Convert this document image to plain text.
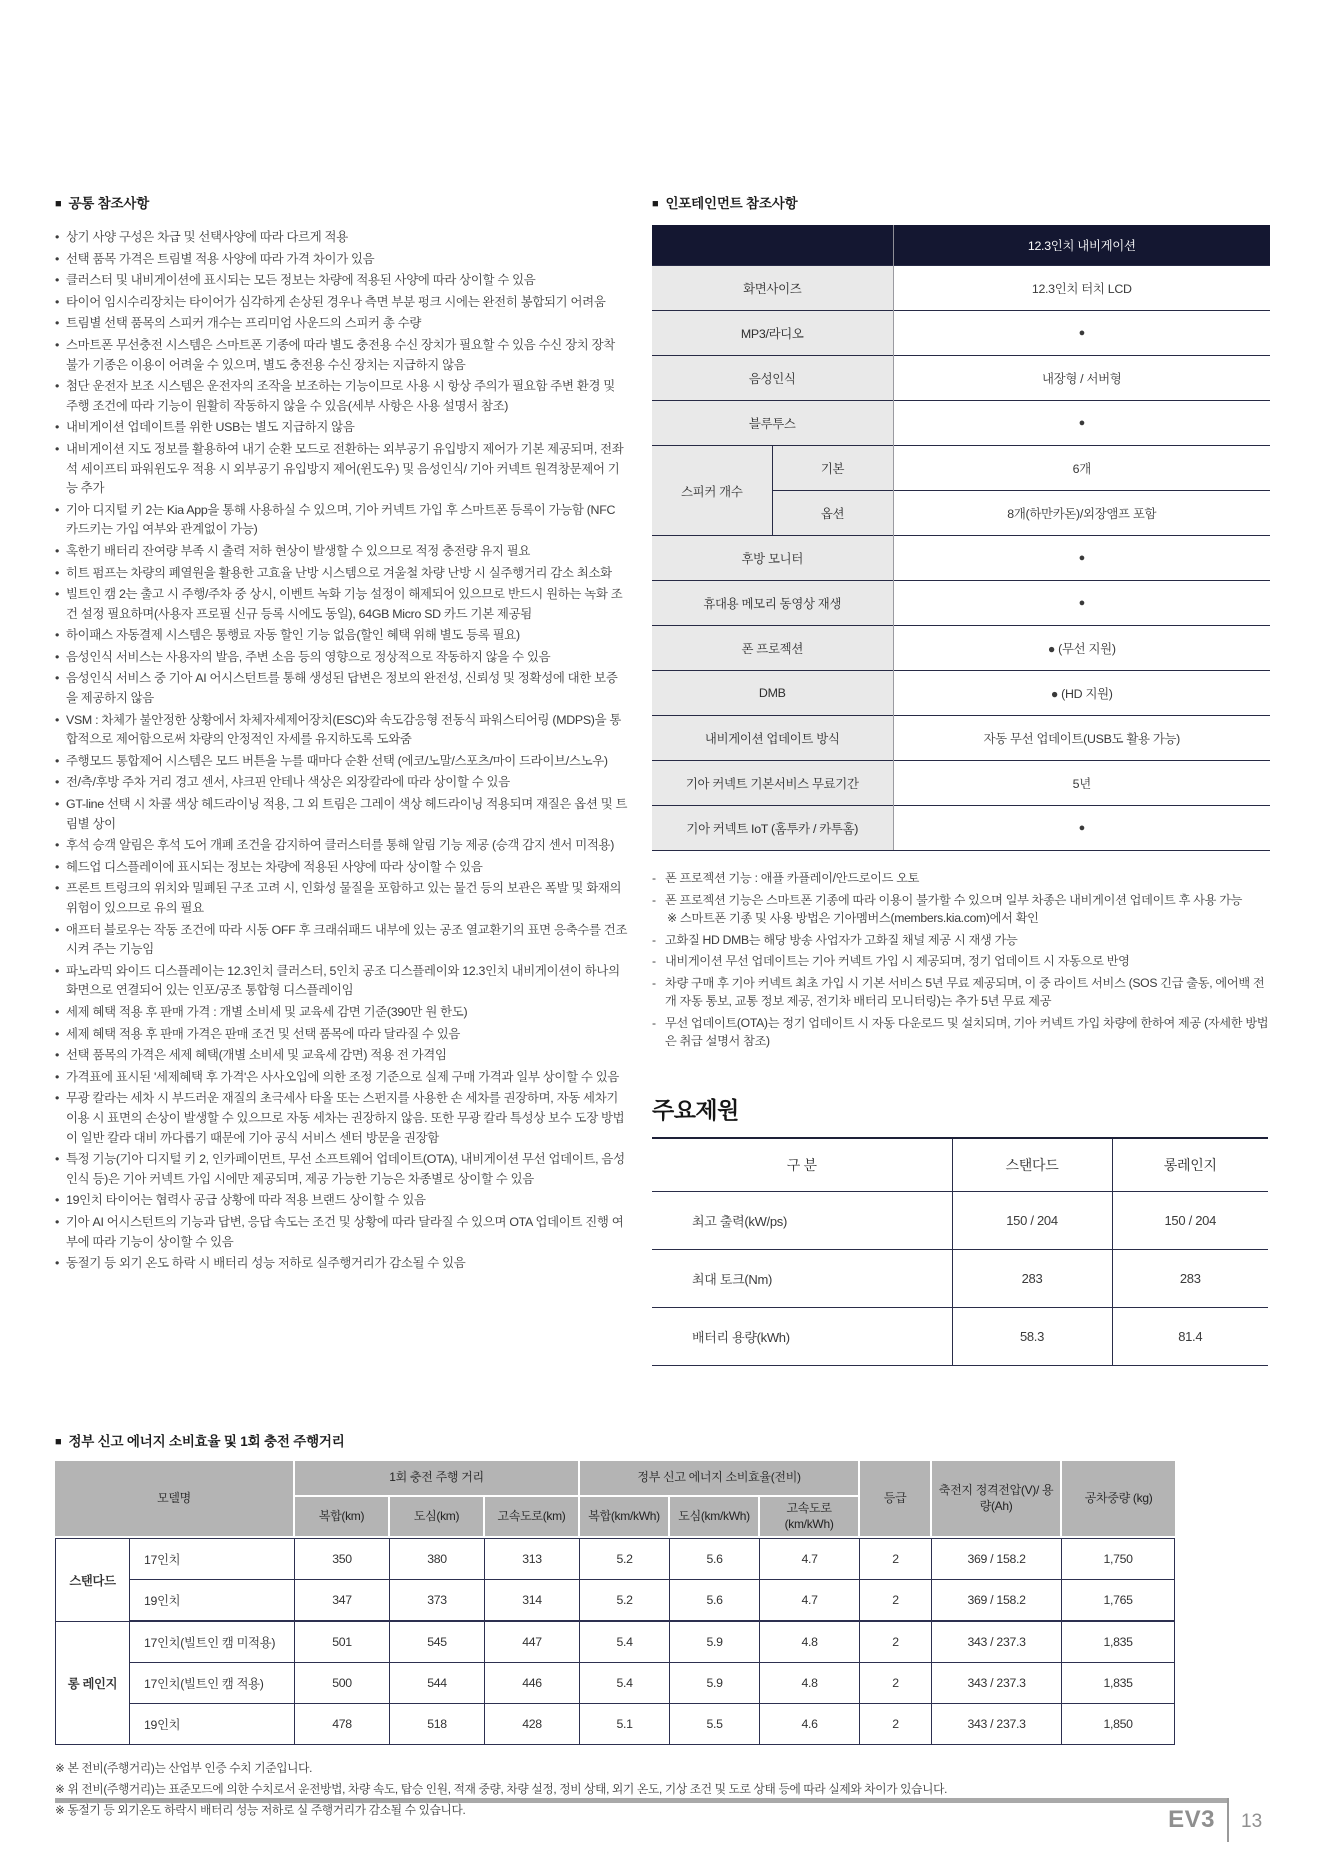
■ 공통 참조사항
• 상기 사양 구성은 차급 및 선택사양에 따라 다르게 적용
• 선택 품목 가격은 트림별 적용 사양에 따라 가격 차이가 있음
• 클러스터 및 내비게이션에 표시되는 모든 정보는 차량에 적용된 사양에 따라 상이할 수 있음
• 타이어 임시수리장치는 타이어가 심각하게 손상된 경우나 측면 부분 펑크 시에는 완전히 봉합되기 어려움
• 트림별 선택 품목의 스피커 개수는 프리미엄 사운드의 스피커 총 수량
• 스마트폰 무선충전 시스템은 스마트폰 기종에 따라 별도 충전용 수신 장치가 필요할 수 있음 수신 장치 장착 불가 기종은 이용이 어려울 수 있으며, 별도 충전용 수신 장치는 지급하지 않음
• 첨단 운전자 보조 시스템은 운전자의 조작을 보조하는 기능이므로 사용 시 항상 주의가 필요함 주변 환경 및 주행 조건에 따라 기능이 원활히 작동하지 않을 수 있음(세부 사항은 사용 설명서 참조)
• 내비게이션 업데이트를 위한 USB는 별도 지급하지 않음
• 내비게이션 지도 정보를 활용하여 내기 순환 모드로 전환하는 외부공기 유입방지 제어가 기본 제공되며, 전좌석 세이프티 파워윈도우 적용 시 외부공기 유입방지 제어(윈도우) 및 음성인식/ 기아 커넥트 원격창문제어 기능 추가
• 기아 디지털 키 2는 Kia App을 통해 사용하실 수 있으며, 기아 커넥트 가입 후 스마트폰 등록이 가능함 (NFC 카드키는 가입 여부와 관계없이 가능)
• 혹한기 배터리 잔여량 부족 시 출력 저하 현상이 발생할 수 있으므로 적정 충전량 유지 필요
• 히트 펌프는 차량의 폐열원을 활용한 고효율 난방 시스템으로 겨울철 차량 난방 시 실주행거리 감소 최소화
• 빌트인 캠 2는 출고 시 주행/주차 중 상시, 이벤트 녹화 기능 설정이 해제되어 있으므로 반드시 원하는 녹화 조건 설정 필요하며(사용자 프로필 신규 등록 시에도 동일), 64GB Micro SD 카드 기본 제공됨
• 하이패스 자동결제 시스템은 통행료 자동 할인 기능 없음(할인 혜택 위해 별도 등록 필요)
• 음성인식 서비스는 사용자의 발음, 주변 소음 등의 영향으로 정상적으로 작동하지 않을 수 있음
• 음성인식 서비스 중 기아 AI 어시스턴트를 통해 생성된 답변은 정보의 완전성, 신뢰성 및 정확성에 대한 보증을 제공하지 않음
• VSM : 차체가 불안정한 상황에서 차체자세제어장치(ESC)와 속도감응형 전동식 파워스티어링 (MDPS)을 통합적으로 제어함으로써 차량의 안정적인 자세를 유지하도록 도와줌
• 주행모드 통합제어 시스템은 모드 버튼을 누를 때마다 순환 선택 (에코/노말/스포츠/마이 드라이브/스노우)
• 전/측/후방 주차 거리 경고 센서, 샤크핀 안테나 색상은 외장칼라에 따라 상이할 수 있음
• GT-line 선택 시 차콜 색상 헤드라이닝 적용, 그 외 트림은 그레이 색상 헤드라이닝 적용되며 재질은 옵션 및 트림별 상이
• 후석 승객 알림은 후석 도어 개폐 조건을 감지하여 클러스터를 통해 알림 기능 제공 (승객 감지 센서 미적용)
• 헤드업 디스플레이에 표시되는 정보는 차량에 적용된 사양에 따라 상이할 수 있음
• 프론트 트렁크의 위치와 밀폐된 구조 고려 시, 인화성 물질을 포함하고 있는 물건 등의 보관은 폭발 및 화재의 위험이 있으므로 유의 필요
• 애프터 블로우는 작동 조건에 따라 시동 OFF 후 크래쉬패드 내부에 있는 공조 열교환기의 표면 응축수를 건조시켜 주는 기능임
• 파노라믹 와이드 디스플레이는 12.3인치 클러스터, 5인치 공조 디스플레이와 12.3인치 내비게이션이 하나의 화면으로 연결되어 있는 인포/공조 통합형 디스플레이임
• 세제 혜택 적용 후 판매 가격 : 개별 소비세 및 교육세 감면 기준(390만 원 한도)
• 세제 혜택 적용 후 판매 가격은 판매 조건 및 선택 품목에 따라 달라질 수 있음
• 선택 품목의 가격은 세제 혜택(개별 소비세 및 교육세 감면) 적용 전 가격임
• 가격표에 표시된 '세제혜택 후 가격'은 사사오입에 의한 조정 기준으로 실제 구매 가격과 일부 상이할 수 있음
• 무광 칼라는 세차 시 부드러운 재질의 초극세사 타올 또는 스펀지를 사용한 손 세차를 권장하며, 자동 세차기 이용 시 표면의 손상이 발생할 수 있으므로 자동 세차는 권장하지 않음. 또한 무광 칼라 특성상 보수 도장 방법이 일반 칼라 대비 까다롭기 때문에 기아 공식 서비스 센터 방문을 권장함
• 특정 기능(기아 디지털 키 2, 인카페이먼트, 무선 소프트웨어 업데이트(OTA), 내비게이션 무선 업데이트, 음성인식 등)은 기아 커넥트 가입 시에만 제공되며, 제공 가능한 기능은 차종별로 상이할 수 있음
• 19인치 타이어는 협력사 공급 상황에 따라 적용 브랜드 상이할 수 있음
• 기아 AI 어시스턴트의 기능과 답변, 응답 속도는 조건 및 상황에 따라 달라질 수 있으며 OTA 업데이트 진행 여부에 따라 기능이 상이할 수 있음
• 동절기 등 외기 온도 하락 시 배터리 성능 저하로 실주행거리가 감소될 수 있음
■ 인포테인먼트 참조사항
		12.3인치 내비게이션
화면사이즈		12.3인치 터치 LCD
MP3/라디오		●
음성인식		내장형 / 서버형
블루투스		●
스피커 개수	기본	6개
	옵션	8개(하만카돈)/외장앰프 포함
후방 모니터		●
휴대용 메모리 동영상 재생		●
폰 프로젝션		● (무선 지원)
DMB		● (HD 지원)
내비게이션 업데이트 방식		자동 무선 업데이트(USB도 활용 가능)
기아 커넥트 기본서비스 무료기간		5년
기아 커넥트 IoT (홈투카 / 카투홈)		●
- 폰 프로젝션 기능 : 애플 카플레이/안드로이드 오토
- 폰 프로젝션 기능은 스마트폰 기종에 따라 이용이 불가할 수 있으며 일부 차종은 내비게이션 업데이트 후 사용 가능
※ 스마트폰 기종 및 사용 방법은 기아멤버스(members.kia.com)에서 확인
- 고화질 HD DMB는 해당 방송 사업자가 고화질 채널 제공 시 재생 가능
- 내비게이션 무선 업데이트는 기아 커넥트 가입 시 제공되며, 정기 업데이트 시 자동으로 반영
- 차량 구매 후 기아 커넥트 최초 가입 시 기본 서비스 5년 무료 제공되며, 이 중 라이트 서비스 (SOS 긴급 출동, 에어백 전개 자동 통보, 교통 정보 제공, 전기차 배터리 모니터링)는 추가 5년 무료 제공
- 무선 업데이트(OTA)는 정기 업데이트 시 자동 다운로드 및 설치되며, 기아 커넥트 가입 차량에 한하여 제공 (자세한 방법은 취급 설명서 참조)
주요제원
구 분	스탠다드	롱레인지
최고 출력(kW/ps)	150 / 204	150 / 204
최대 토크(Nm)	283	283
배터리 용량(kWh)	58.3	81.4
■ 정부 신고 에너지 소비효율 및 1회 충전 주행거리
모델명		1회 충전 주행 거리			정부 신고 에너지 소비효율(전비)			등급	축전지 정격전압(V)/ 용량(Ah)	공차중량 (kg)
		복합(km)	도심(km)	고속도로(km)	복합(km/kWh)	도심(km/kWh)	고속도로(km/kWh)			
스탠다드	17인치	350	380	313	5.2	5.6	4.7	2	369 / 158.2	1,750
	19인치	347	373	314	5.2	5.6	4.7	2	369 / 158.2	1,765
롱 레인지	17인치(빌트인 캠 미적용)	501	545	447	5.4	5.9	4.8	2	343 / 237.3	1,835
	17인치(빌트인 캠 적용)	500	544	446	5.4	5.9	4.8	2	343 / 237.3	1,835
	19인치	478	518	428	5.1	5.5	4.6	2	343 / 237.3	1,850
※ 본 전비(주행거리)는 산업부 인증 수치 기준입니다.
※ 위 전비(주행거리)는 표준모드에 의한 수치로서 운전방법, 차량 속도, 탑승 인원, 적재 중량, 차량 설정, 정비 상태, 외기 온도, 기상 조건 및 도로 상태 등에 따라 실제와 차이가 있습니다.
※ 동절기 등 외기온도 하락시 배터리 성능 저하로 실 주행거리가 감소될 수 있습니다.	EV3 13
